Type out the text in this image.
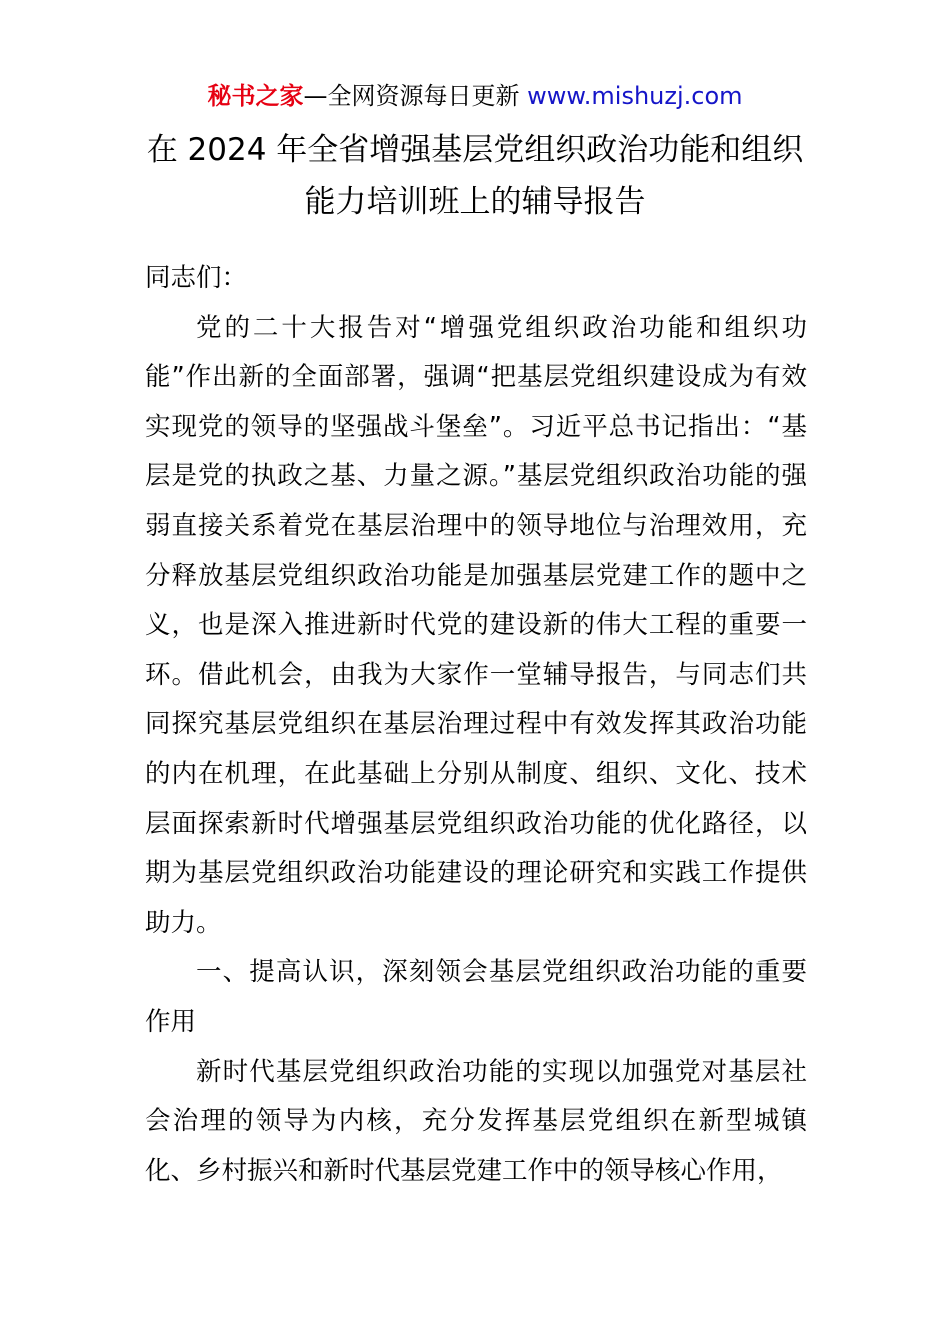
秘书之家—全网资源每日更新 www.mishuzj.com
在 2024 年全省增强基层党组织政治功能和组织
能力培训班上的辅导报告

同志们：

党的二十大报告对“增强党组织政治功能和组织功能”作出新的全面部署，强调“把基层党组织建设成为有效实现党的领导的坚强战斗堡垒”。习近平总书记指出：“基层是党的执政之基、力量之源。”基层党组织政治功能的强弱直接关系着党在基层治理中的领导地位与治理效用，充分释放基层党组织政治功能是加强基层党建工作的题中之义，也是深入推进新时代党的建设新的伟大工程的重要一环。借此机会，由我为大家作一堂辅导报告，与同志们共同探究基层党组织在基层治理过程中有效发挥其政治功能的内在机理，在此基础上分别从制度、组织、文化、技术层面探索新时代增强基层党组织政治功能的优化路径，以期为基层党组织政治功能建设的理论研究和实践工作提供助力。

一、提高认识，深刻领会基层党组织政治功能的重要作用

新时代基层党组织政治功能的实现以加强党对基层社会治理的领导为内核，充分发挥基层党组织在新型城镇化、乡村振兴和新时代基层党建工作中的领导核心作用，
